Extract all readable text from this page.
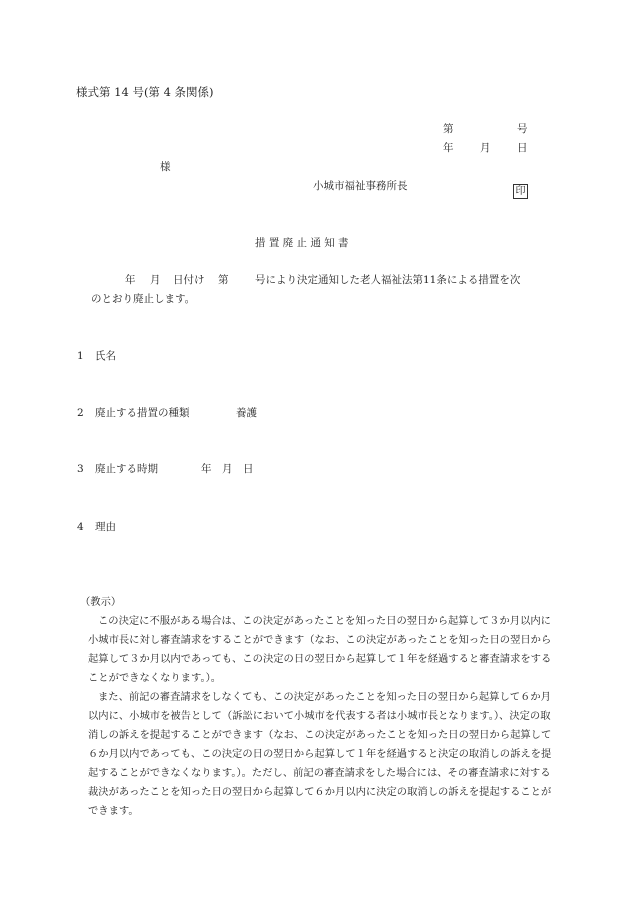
様式第 14 号(第 4 条関係)
第	号
年	月	日
様
小城市福祉事務所長	印
措 置 廃 止 通 知 書
年 月 日付け 第	号により決定通知した老人福祉法第11条による措置を次
のとおり廃止します。
1 氏名
2 廃止する措置の種類	養護
3 廃止する時期	年　月　日
4 理由
（教示）
この決定に不服がある場合は、この決定があったことを知った日の翌日から起算して３か月以内に
小城市長に対し審査請求をすることができます（なお、この決定があったことを知った日の翌日から
起算して３か月以内であっても、この決定の日の翌日から起算して１年を経過すると審査請求をする
ことができなくなります。）。
また、前記の審査請求をしなくても、この決定があったことを知った日の翌日から起算して６か月
以内に、小城市を被告として（訴訟において小城市を代表する者は小城市長となります。）、決定の取
消しの訴えを提起することができます（なお、この決定があったことを知った日の翌日から起算して
６か月以内であっても、この決定の日の翌日から起算して１年を経過すると決定の取消しの訴えを提
起することができなくなります。）。ただし、前記の審査請求をした場合には、その審査請求に対する
裁決があったことを知った日の翌日から起算して６か月以内に決定の取消しの訴えを提起することが
できます。
